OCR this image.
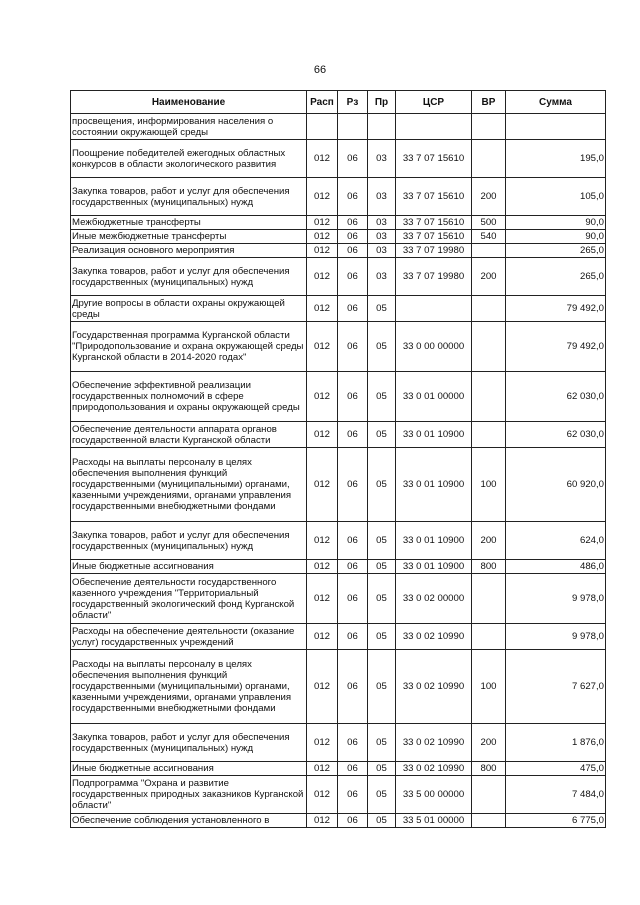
66
Наименование	Расп	Рз	Пр	ЦСР	ВР	Сумма
просвещения, информирования населения о состоянии окружающей среды						
Поощрение победителей ежегодных областных конкурсов в области экологического развития	012	06	03	33 7 07 15610		195,0
Закупка товаров, работ и услуг для обеспечения государственных (муниципальных) нужд	012	06	03	33 7 07 15610	200	105,0
Межбюджетные трансферты	012	06	03	33 7 07 15610	500	90,0
Иные межбюджетные трансферты	012	06	03	33 7 07 15610	540	90,0
Реализация основного мероприятия	012	06	03	33 7 07 19980		265,0
Закупка товаров, работ и услуг для обеспечения государственных (муниципальных) нужд	012	06	03	33 7 07 19980	200	265,0
Другие вопросы в области охраны окружающей среды	012	06	05			79 492,0
Государственная программа Курганской области "Природопользование и охрана окружающей среды Курганской области в 2014-2020 годах"	012	06	05	33 0 00 00000		79 492,0
Обеспечение эффективной реализации государственных полномочий в сфере природопользования и охраны окружающей среды	012	06	05	33 0 01 00000		62 030,0
Обеспечение деятельности аппарата органов государственной власти Курганской области	012	06	05	33 0 01 10900		62 030,0
Расходы на выплаты персоналу в целях обеспечения выполнения функций государственными (муниципальными) органами, казенными учреждениями, органами управления государственными внебюджетными фондами	012	06	05	33 0 01 10900	100	60 920,0
Закупка товаров, работ и услуг для обеспечения государственных (муниципальных) нужд	012	06	05	33 0 01 10900	200	624,0
Иные бюджетные ассигнования	012	06	05	33 0 01 10900	800	486,0
Обеспечение деятельности государственного казенного учреждения "Территориальный государственный экологический фонд Курганской области"	012	06	05	33 0 02 00000		9 978,0
Расходы на обеспечение деятельности (оказание услуг) государственных учреждений	012	06	05	33 0 02 10990		9 978,0
Расходы на выплаты персоналу в целях обеспечения выполнения функций государственными (муниципальными) органами, казенными учреждениями, органами управления государственными внебюджетными фондами	012	06	05	33 0 02 10990	100	7 627,0
Закупка товаров, работ и услуг для обеспечения государственных (муниципальных) нужд	012	06	05	33 0 02 10990	200	1 876,0
Иные бюджетные ассигнования	012	06	05	33 0 02 10990	800	475,0
Подпрограмма "Охрана и развитие государственных природных заказников Курганской области"	012	06	05	33 5 00 00000		7 484,0
Обеспечение соблюдения установленного в	012	06	05	33 5 01 00000		6 775,0
